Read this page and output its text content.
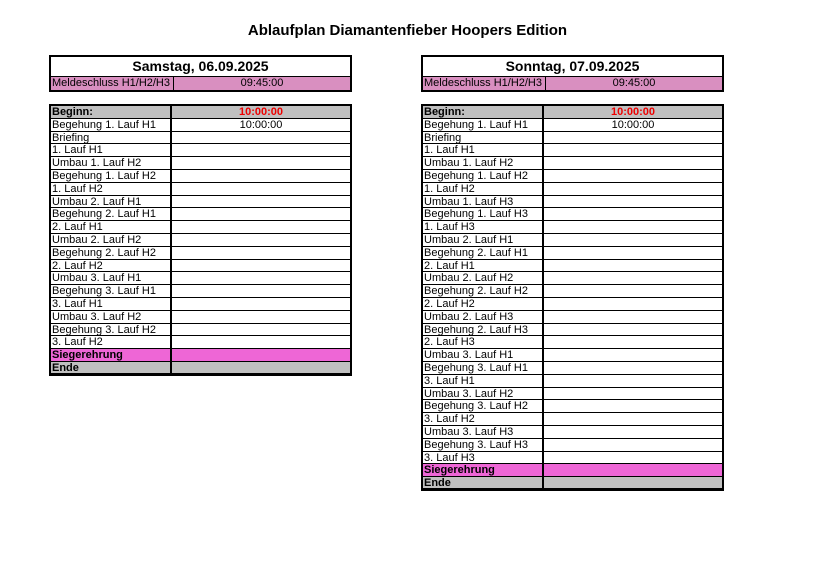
Ablaufplan Diamantenfieber Hoopers Edition
Samstag, 06.09.2025
Meldeschluss H1/H2/H3	09:45:00
Beginn:	10:00:00
Begehung 1. Lauf H1	10:00:00
Briefing
1. Lauf H1
Umbau 1. Lauf H2
Begehung 1. Lauf H2
1. Lauf H2
Umbau 2. Lauf H1
Begehung 2. Lauf H1
2. Lauf H1
Umbau 2. Lauf H2
Begehung 2. Lauf H2
2. Lauf H2
Umbau 3. Lauf H1
Begehung 3. Lauf H1
3. Lauf H1
Umbau 3. Lauf H2
Begehung 3. Lauf H2
3. Lauf H2
Siegerehrung
Ende
Sonntag, 07.09.2025
Meldeschluss H1/H2/H3	09:45:00
Beginn:	10:00:00
Begehung 1. Lauf H1	10:00:00
Briefing
1. Lauf H1
Umbau 1. Lauf H2
Begehung 1. Lauf H2
1. Lauf H2
Umbau 1. Lauf H3
Begehung 1. Lauf H3
1. Lauf H3
Umbau 2. Lauf H1
Begehung 2. Lauf H1
2. Lauf H1
Umbau 2. Lauf H2
Begehung 2. Lauf H2
2. Lauf H2
Umbau 2. Lauf H3
Begehung 2. Lauf H3
2. Lauf H3
Umbau 3. Lauf H1
Begehung 3. Lauf H1
3. Lauf H1
Umbau 3. Lauf H2
Begehung 3. Lauf H2
3. Lauf H2
Umbau 3. Lauf H3
Begehung 3. Lauf H3
3. Lauf H3
Siegerehrung
Ende
